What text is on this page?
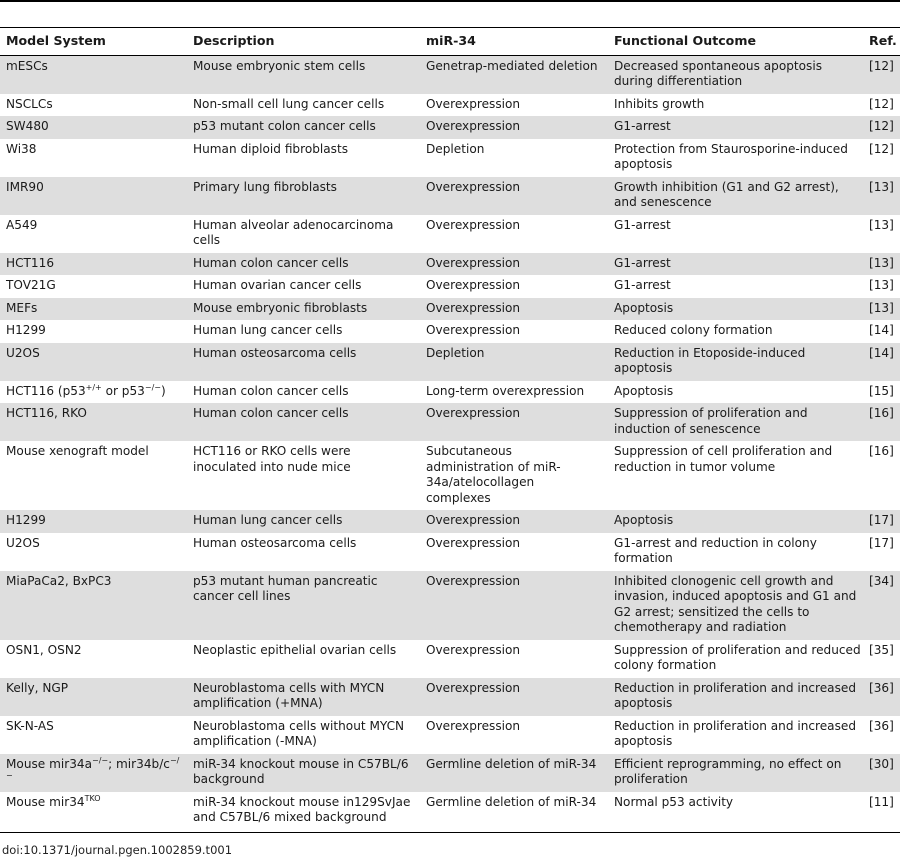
Model System	Description	miR-34	Functional Outcome	Ref.
mESCs	Mouse embryonic stem cells	Genetrap-mediated deletion	Decreased spontaneous apoptosis during differentiation	[12]
NSCLCs	Non-small cell lung cancer cells	Overexpression	Inhibits growth	[12]
SW480	p53 mutant colon cancer cells	Overexpression	G1-arrest	[12]
Wi38	Human diploid fibroblasts	Depletion	Protection from Staurosporine-induced apoptosis	[12]
IMR90	Primary lung fibroblasts	Overexpression	Growth inhibition (G1 and G2 arrest), and senescence	[13]
A549	Human alveolar adenocarcinoma cells	Overexpression	G1-arrest	[13]
HCT116	Human colon cancer cells	Overexpression	G1-arrest	[13]
TOV21G	Human ovarian cancer cells	Overexpression	G1-arrest	[13]
MEFs	Mouse embryonic fibroblasts	Overexpression	Apoptosis	[13]
H1299	Human lung cancer cells	Overexpression	Reduced colony formation	[14]
U2OS	Human osteosarcoma cells	Depletion	Reduction in Etoposide-induced apoptosis	[14]
HCT116 (p53+/+ or p53−/−)	Human colon cancer cells	Long-term overexpression	Apoptosis	[15]
HCT116, RKO	Human colon cancer cells	Overexpression	Suppression of proliferation and induction of senescence	[16]
Mouse xenograft model	HCT116 or RKO cells were inoculated into nude mice	Subcutaneous administration of miR-34a/atelocollagen complexes	Suppression of cell proliferation and reduction in tumor volume	[16]
H1299	Human lung cancer cells	Overexpression	Apoptosis	[17]
U2OS	Human osteosarcoma cells	Overexpression	G1-arrest and reduction in colony formation	[17]
MiaPaCa2, BxPC3	p53 mutant human pancreatic cancer cell lines	Overexpression	Inhibited clonogenic cell growth and invasion, induced apoptosis and G1 and G2 arrest; sensitized the cells to chemotherapy and radiation	[34]
OSN1, OSN2	Neoplastic epithelial ovarian cells	Overexpression	Suppression of proliferation and reduced colony formation	[35]
Kelly, NGP	Neuroblastoma cells with MYCN amplification (+MNA)	Overexpression	Reduction in proliferation and increased apoptosis	[36]
SK-N-AS	Neuroblastoma cells without MYCN amplification (-MNA)	Overexpression	Reduction in proliferation and increased apoptosis	[36]
Mouse mir34a−/−; mir34b/c−/−	miR-34 knockout mouse in C57BL/6 background	Germline deletion of miR-34	Efficient reprogramming, no effect on proliferation	[30]
Mouse $mir34^{TKO}$	miR-34 knockout mouse in129SvJae and C57BL/6 mixed background	Germline deletion of miR-34	Normal p53 activity	[11]
doi:10.1371/journal.pgen.1002859.t001
